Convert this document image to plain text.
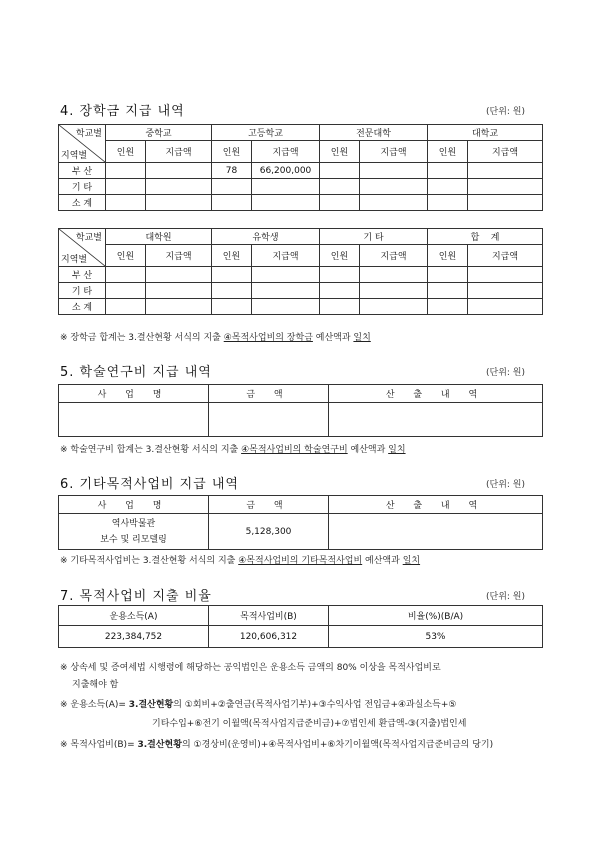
4. 장학금 지급 내역	(단위: 원)
학교별
지역별	중학교		고등학교		전문대학		대학교	
	인원	지급액	인원	지급액	인원	지급액	인원	지급액
부 산			78	66,200,000				
기 타								
소 계								
학교별
지역별	대학원		유학생		기 타		합    계	
	인원	지급액	인원	지급액	인원	지급액	인원	지급액
부 산								
기 타								
소 계								
※ 장학금 합계는 3.결산현황 서식의 지출 ④목적사업비의 장학금 예산액과 일치
5. 학술연구비 지급 내역	(단위: 원)
사 업 명	금 액	산 출 내 역

※ 학술연구비 합계는 3.결산현황 서식의 지출 ④목적사업비의 학술연구비 예산액과 일치
6. 기타목적사업비 지급 내역	(단위: 원)
사 업 명	금 액	산 출 내 역

역사박물관
보수 및 리모델링	5,128,300	
※ 기타목적사업비는 3.결산현황 서식의 지출 ④목적사업비의 기타목적사업비 예산액과 일치
7. 목적사업비 지출 비율	(단위: 원)
운용소득(A)	목적사업비(B)	비율(%)(B/A)
223,384,752	120,606,312	53%
※ 상속세 및 증여세법 시행령에 해당하는 공익법인은 운용소득 금액의 80% 이상을 목적사업비로
지출해야 함
※ 운용소득(A)= 3.결산현황의 ①회비+②출연금(목적사업기부)+③수익사업 전입금+④과실소득+⑤
기타수입+⑥전기 이월액(목적사업지급준비금)+⑦법인세 환급액-③(지출)법인세
※ 목적사업비(B)= 3.결산현황의 ①경상비(운영비)+④목적사업비+⑥차기이월액(목적사업지급준비금의 당기)
